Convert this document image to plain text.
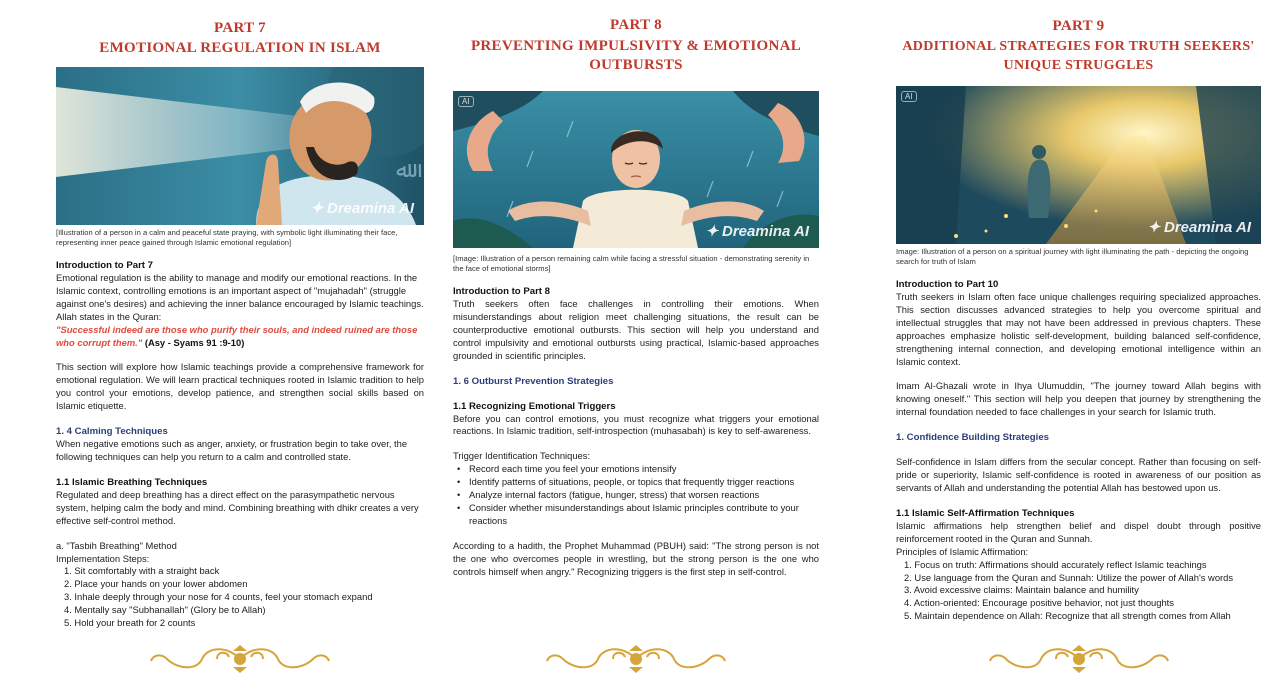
PART 7
EMOTIONAL REGULATION IN ISLAM
ﷲ
✦ Dreamina AI
[Illustration of a person in a calm and peaceful state praying, with symbolic light illuminating their face, representing inner peace gained through Islamic emotional regulation]
Introduction to Part 7
Emotional regulation is the ability to manage and modify our emotional reactions. In the Islamic context, controlling emotions is an important aspect of "mujahadah" (struggle against one's desires) and achieving the inner balance encouraged by Islamic teachings.
Allah states in the Quran:
"Successful indeed are those who purify their souls, and indeed ruined are those who corrupt them." (Asy - Syams 91 :9-10)
This section will explore how Islamic teachings provide a comprehensive framework for emotional regulation. We will learn practical techniques rooted in Islamic tradition to help you control your emotions, develop patience, and strengthen social skills based on Islamic etiquette.
1. 4 Calming Techniques
When negative emotions such as anger, anxiety, or frustration begin to take over, the following techniques can help you return to a calm and controlled state.
1.1 Islamic Breathing Techniques
Regulated and deep breathing has a direct effect on the parasympathetic nervous system, helping calm the body and mind. Combining breathing with dhikr creates a very effective self-control method.
a. "Tasbih Breathing" Method
Implementation Steps:
1. Sit comfortably with a straight back
2. Place your hands on your lower abdomen
3. Inhale deeply through your nose for 4 counts, feel your stomach expand
4. Mentally say "Subhanallah" (Glory be to Allah)
5. Hold your breath for 2 counts
PART 8
PREVENTING IMPULSIVITY & EMOTIONAL
OUTBURSTS
AI
✦ Dreamina AI
[Image: Illustration of a person remaining calm while facing a stressful situation - demonstrating serenity in the face of emotional storms]
Introduction to Part 8
Truth seekers often face challenges in controlling their emotions. When misunderstandings about religion meet challenging situations, the result can be counterproductive emotional outbursts. This section will help you understand and control impulsivity and emotional outbursts using practical, Islamic-based approaches grounded in scientific principles.
1. 6 Outburst Prevention Strategies
1.1 Recognizing Emotional Triggers
Before you can control emotions, you must recognize what triggers your emotional reactions. In Islamic tradition, self-introspection (muhasabah) is key to self-awareness.
Trigger Identification Techniques:
• Record each time you feel your emotions intensify
• Identify patterns of situations, people, or topics that frequently trigger reactions
• Analyze internal factors (fatigue, hunger, stress) that worsen reactions
• Consider whether misunderstandings about Islamic principles contribute to your reactions
According to a hadith, the Prophet Muhammad (PBUH) said: "The strong person is not the one who overcomes people in wrestling, but the strong person is the one who controls himself when angry." Recognizing triggers is the first step in self-control.
PART 9
ADDITIONAL STRATEGIES FOR TRUTH SEEKERS'
UNIQUE STRUGGLES
AI
✦ Dreamina AI
Image: Illustration of a person on a spiritual journey with light illuminating the path - depicting the ongoing search for truth of Islam
Introduction to Part 10
Truth seekers in Islam often face unique challenges requiring specialized approaches. This section discusses advanced strategies to help you overcome spiritual and intellectual struggles that may not have been addressed in previous chapters. These approaches emphasize holistic self-development, building balanced self-confidence, strengthening internal connection, and developing emotional intelligence within an Islamic context.
Imam Al-Ghazali wrote in Ihya Ulumuddin, "The journey toward Allah begins with knowing oneself." This section will help you deepen that journey by strengthening the internal foundation needed to face challenges in your search for Islamic truth.
1. Confidence Building Strategies
Self-confidence in Islam differs from the secular concept. Rather than focusing on self-pride or superiority, Islamic self-confidence is rooted in awareness of our position as servants of Allah and understanding the potential Allah has bestowed upon us.
1.1 Islamic Self-Affirmation Techniques
Islamic affirmations help strengthen belief and dispel doubt through positive reinforcement rooted in the Quran and Sunnah.
Principles of Islamic Affirmation:
1. Focus on truth: Affirmations should accurately reflect Islamic teachings
2. Use language from the Quran and Sunnah: Utilize the power of Allah's words
3. Avoid excessive claims: Maintain balance and humility
4. Action-oriented: Encourage positive behavior, not just thoughts
5. Maintain dependence on Allah: Recognize that all strength comes from Allah
